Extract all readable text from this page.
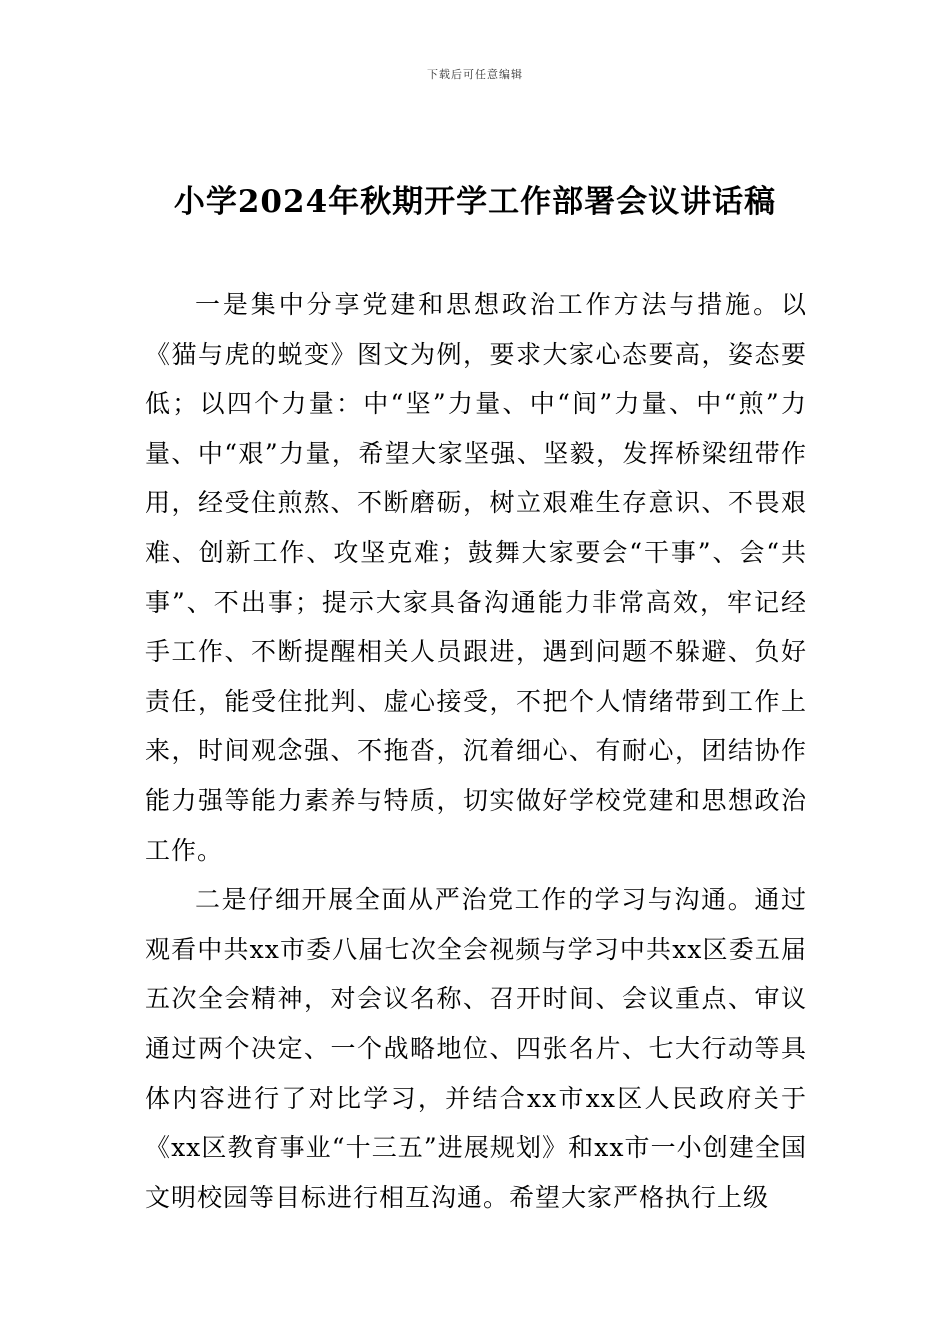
下载后可任意编辑
小学2024年秋期开学工作部署会议讲话稿

一是集中分享党建和思想政治工作方法与措施。以《猫与虎的蜕变》图文为例，要求大家心态要高，姿态要低；以四个力量：中“坚”力量、中“间”力量、中“煎”力量、中“艰”力量，希望大家坚强、坚毅，发挥桥梁纽带作用，经受住煎熬、不断磨砺，树立艰难生存意识、不畏艰难、创新工作、攻坚克难；鼓舞大家要会“干事”、会“共事”、不出事；提示大家具备沟通能力非常高效，牢记经手工作、不断提醒相关人员跟进，遇到问题不躲避、负好责任，能受住批判、虚心接受，不把个人情绪带到工作上来，时间观念强、不拖沓，沉着细心、有耐心，团结协作能力强等能力素养与特质，切实做好学校党建和思想政治工作。

二是仔细开展全面从严治党工作的学习与沟通。通过观看中共xx市委八届七次全会视频与学习中共xx区委五届五次全会精神，对会议名称、召开时间、会议重点、审议通过两个决定、一个战略地位、四张名片、七大行动等具体内容进行了对比学习，并结合xx市xx区人民政府关于《xx区教育事业“十三五”进展规划》和xx市一小创建全国文明校园等目标进行相互沟通。希望大家严格执行上级
